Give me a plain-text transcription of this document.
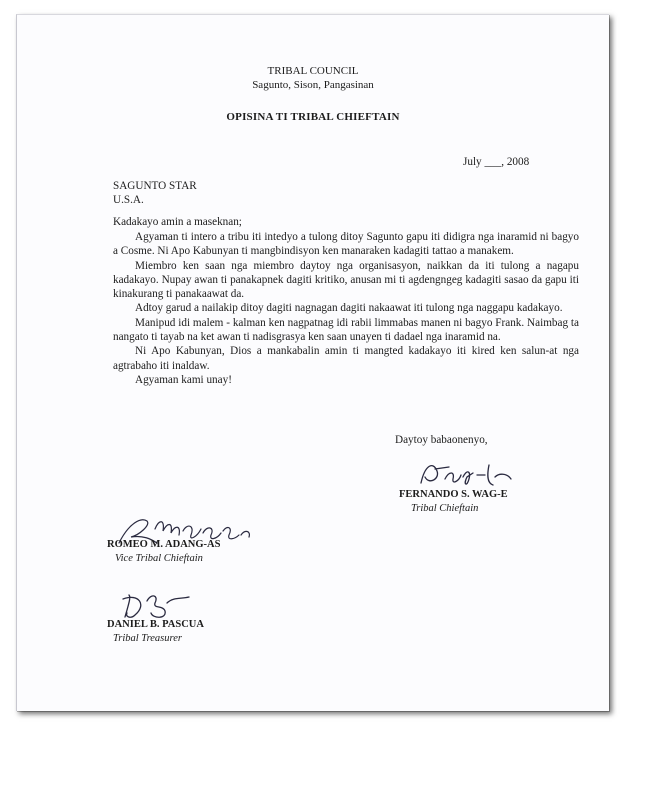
TRIBAL COUNCIL
Sagunto, Sison, Pangasinan
OPISINA TI TRIBAL CHIEFTAIN
July ___, 2008
SAGUNTO STAR
U.S.A.
Kadakayo amin a maseknan;

Agyaman ti intero a tribu iti intedyo a tulong ditoy Sagunto gapu iti didigra nga inaramid ni bagyo a Cosme. Ni Apo Kabunyan ti mangbindisyon ken manaraken kadagiti tattao a manakem.

Miembro ken saan nga miembro daytoy nga organisasyon, naikkan da iti tulong a nagapu kadakayo. Nupay awan ti panakapnek dagiti kritiko, anusan mi ti agdengngeg kadagiti sasao da gapu iti kinakurang ti panakaawat da.

Adtoy garud a nailakip ditoy dagiti nagnagan dagiti nakaawat iti tulong nga naggapu kadakayo.

Manipud idi malem - kalman ken nagpatnag idi rabii limmabas manen ni bagyo Frank. Naimbag ta nangato ti tayab na ket awan ti nadisgrasya ken saan unayen ti dadael nga inaramid na.

Ni Apo Kabunyan, Dios a mankabalin amin ti mangted kadakayo iti kired ken salun-at nga agtrabaho iti inaldaw.

Agyaman kami unay!

Daytoy babaonenyo,
FERNANDO S. WAG-E
Tribal Chieftain
ROMEO M. ADANG-AS
Vice Tribal Chieftain
DANIEL B. PASCUA
Tribal Treasurer
